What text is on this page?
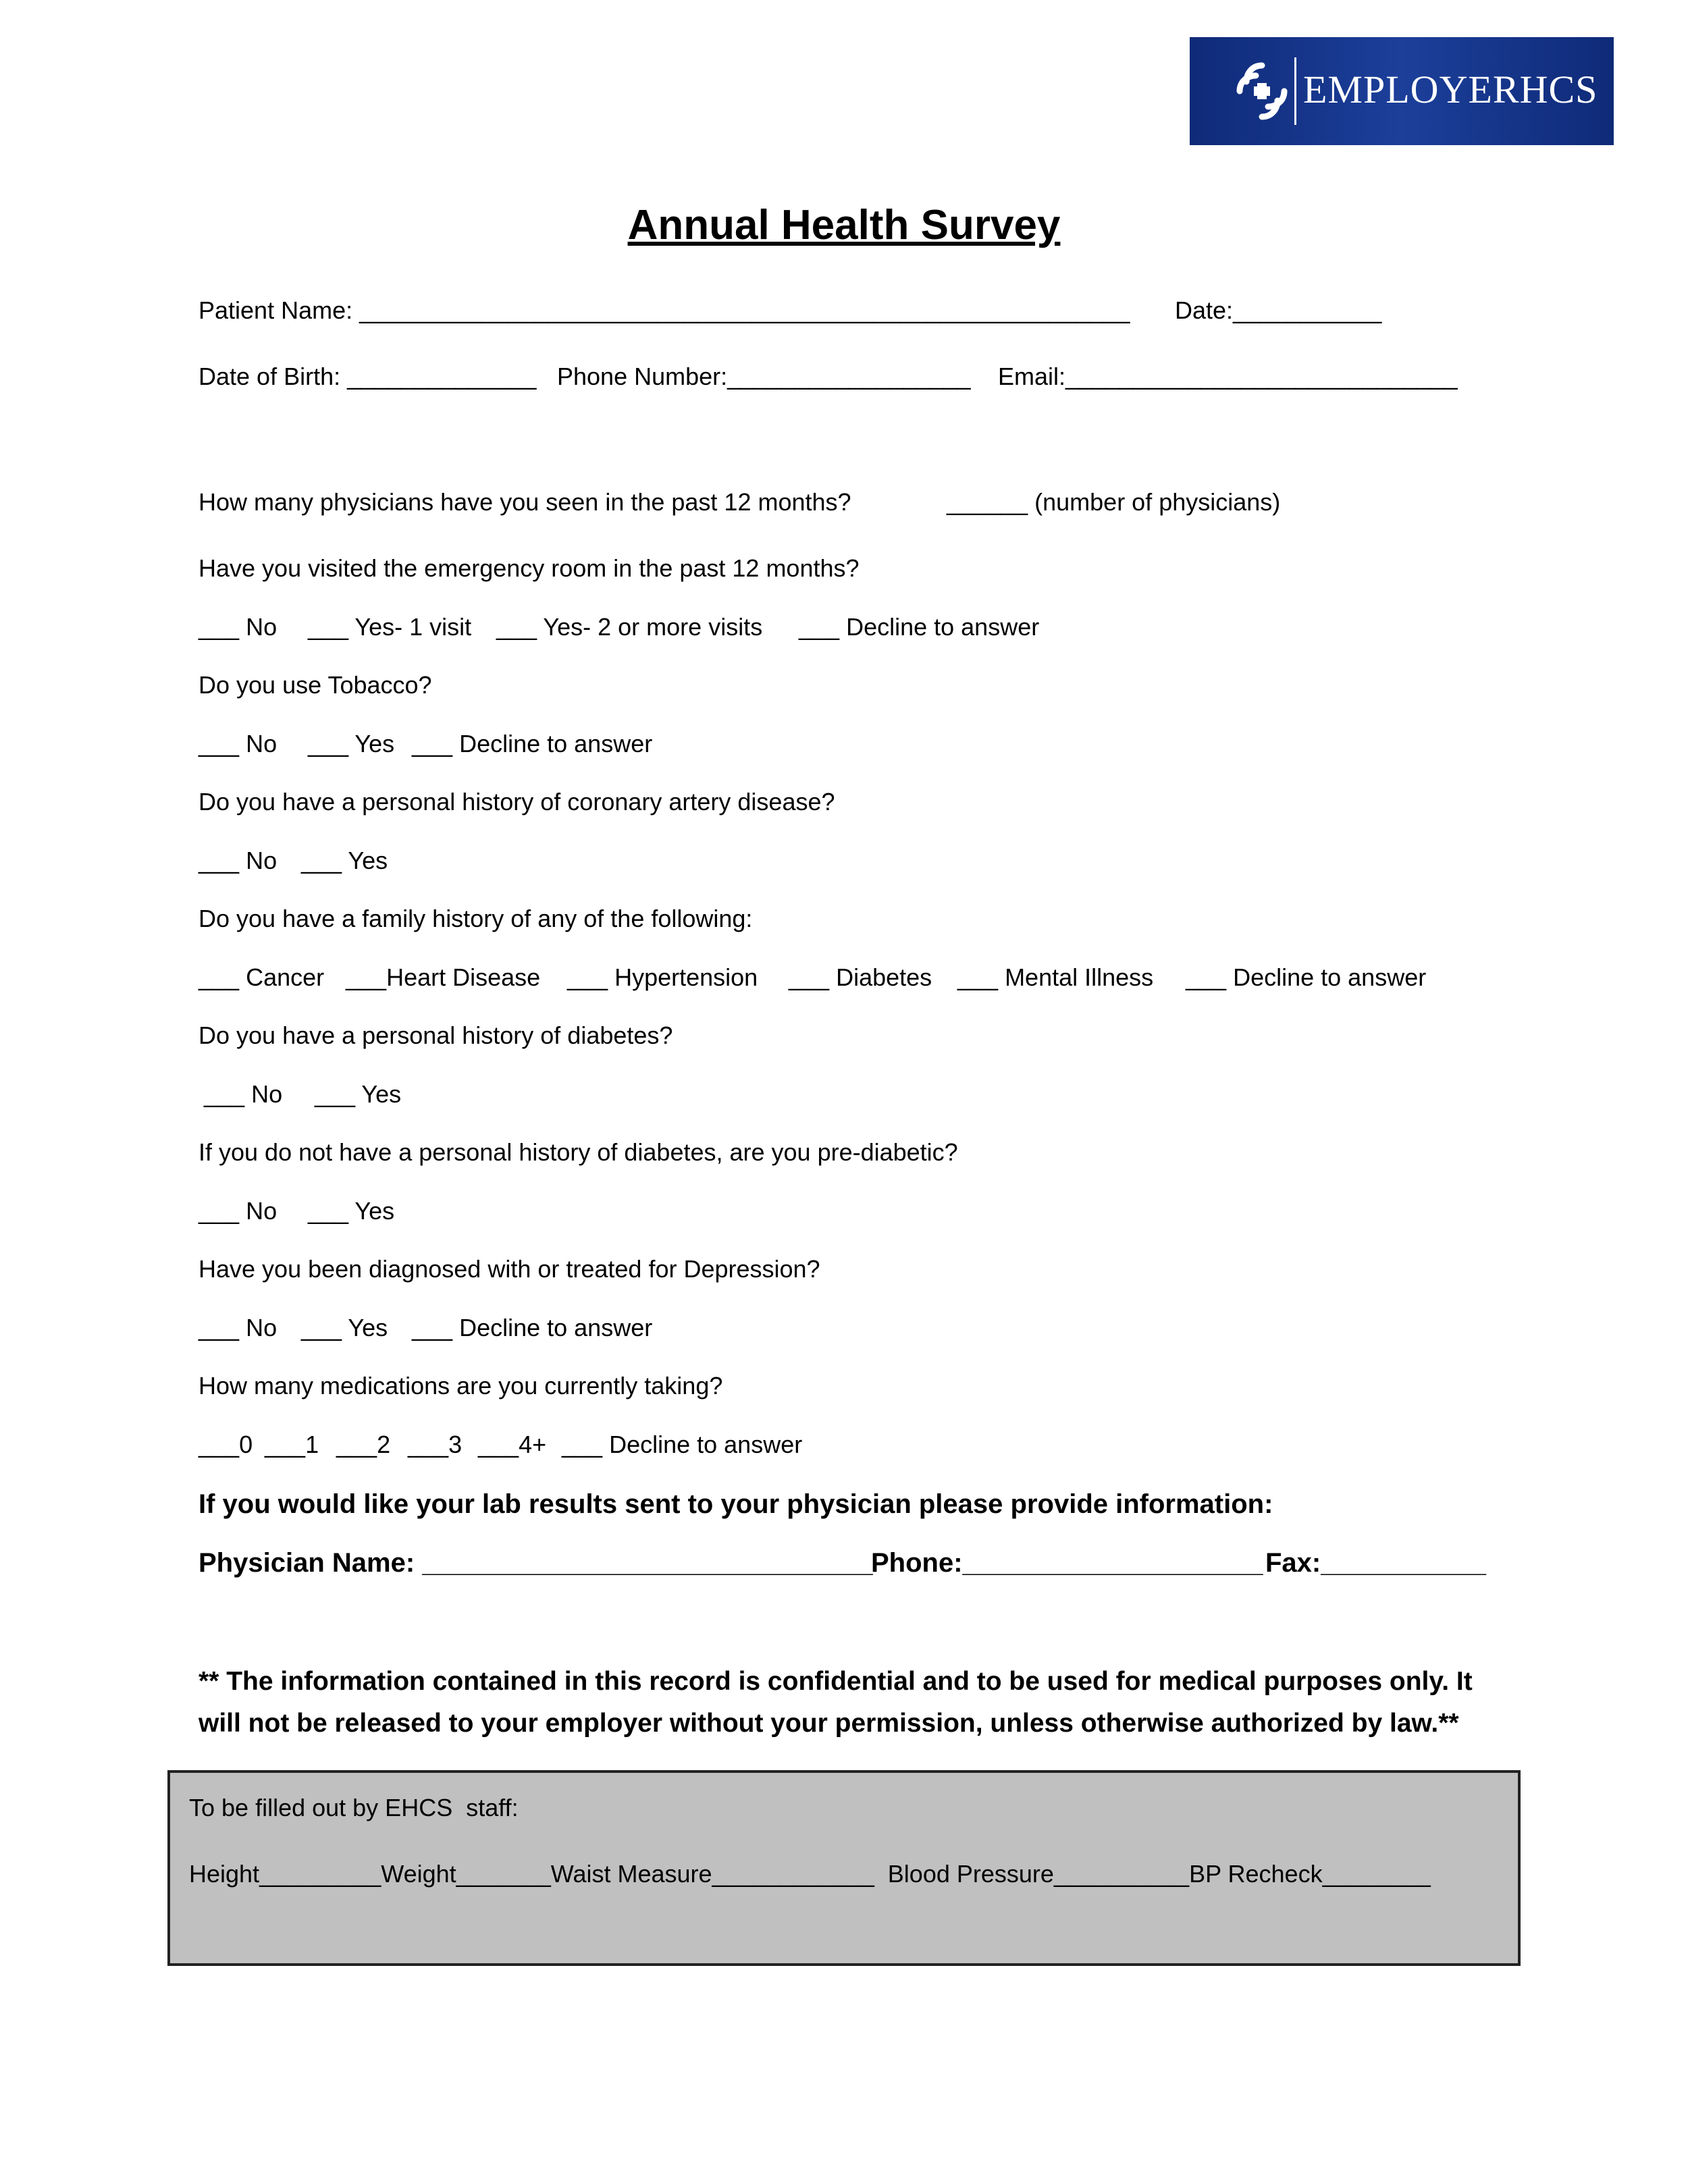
EMPLOYERHCS
Annual Health Survey
Patient Name: _________________________________________________________ Date:___________
Date of Birth: ______________ Phone Number:__________________ Email:_____________________________
How many physicians have you seen in the past 12 months?	______ (number of physicians)
Have you visited the emergency room in the past 12 months?
___ No ___ Yes- 1 visit ___ Yes- 2 or more visits ___ Decline to answer
Do you use Tobacco?
___ No ___ Yes ___ Decline to answer
Do you have a personal history of coronary artery disease?
___ No ___ Yes
Do you have a family history of any of the following:
___ Cancer ___Heart Disease ___ Hypertension ___ Diabetes ___ Mental Illness ___ Decline to answer
Do you have a personal history of diabetes?
___ No ___ Yes
If you do not have a personal history of diabetes, are you pre-diabetic?
___ No ___ Yes
Have you been diagnosed with or treated for Depression?
___ No ___ Yes ___ Decline to answer
How many medications are you currently taking?
___0 ___1 ___2 ___3 ___4+ ___ Decline to answer
If you would like your lab results sent to your physician please provide information:
Physician Name: ______________________________
Phone:____________________ Fax:___________
** The information contained in this record is confidential and to be used for medical purposes only. It
will not be released to your employer without your permission, unless otherwise authorized by law.**
To be filled out by EHCS  staff:
Height_________Weight_______Waist Measure____________  Blood Pressure__________BP Recheck________
